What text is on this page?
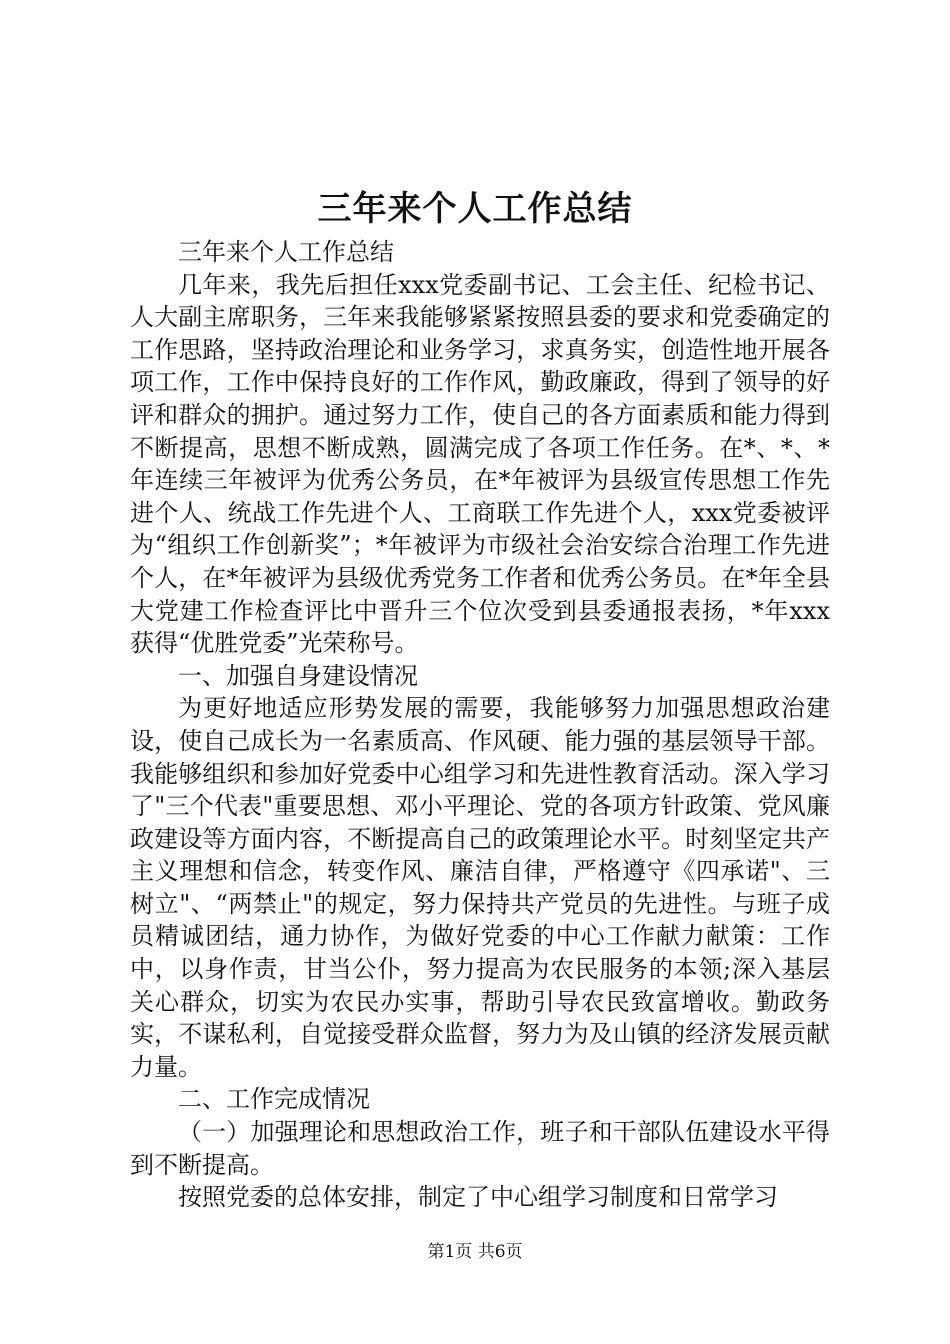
三年来个人工作总结

三年来个人工作总结

几年来，我先后担任xxx党委副书记、工会主任、纪检书记、人大副主席职务，三年来我能够紧紧按照县委的要求和党委确定的工作思路，坚持政治理论和业务学习，求真务实，创造性地开展各项工作，工作中保持良好的工作作风，勤政廉政，得到了领导的好评和群众的拥护。通过努力工作，使自己的各方面素质和能力得到不断提高，思想不断成熟，圆满完成了各项工作任务。在*、*、*年连续三年被评为优秀公务员，在*年被评为县级宣传思想工作先进个人、统战工作先进个人、工商联工作先进个人，xxx党委被评为“组织工作创新奖”；*年被评为市级社会治安综合治理工作先进个人，在*年被评为县级优秀党务工作者和优秀公务员。在*年全县大党建工作检查评比中晋升三个位次受到县委通报表扬，*年xxx获得“优胜党委”光荣称号。

一、加强自身建设情况

为更好地适应形势发展的需要，我能够努力加强思想政治建设，使自己成长为一名素质高、作风硬、能力强的基层领导干部。我能够组织和参加好党委中心组学习和先进性教育活动。深入学习了"三个代表"重要思想、邓小平理论、党的各项方针政策、党风廉政建设等方面内容，不断提高自己的政策理论水平。时刻坚定共产主义理想和信念，转变作风、廉洁自律，严格遵守《四承诺"、三树立"、“两禁止"的规定，努力保持共产党员的先进性。与班子成员精诚团结，通力协作，为做好党委的中心工作献力献策：工作中，以身作责，甘当公仆，努力提高为农民服务的本领;深入基层关心群众，切实为农民办实事，帮助引导农民致富增收。勤政务实，不谋私利，自觉接受群众监督，努力为及山镇的经济发展贡献力量。

二、工作完成情况

（一）加强理论和思想政治工作，班子和干部队伍建设水平得到不断提高。

按照党委的总体安排，制定了中心组学习制度和日常学习

第1页 共6页
